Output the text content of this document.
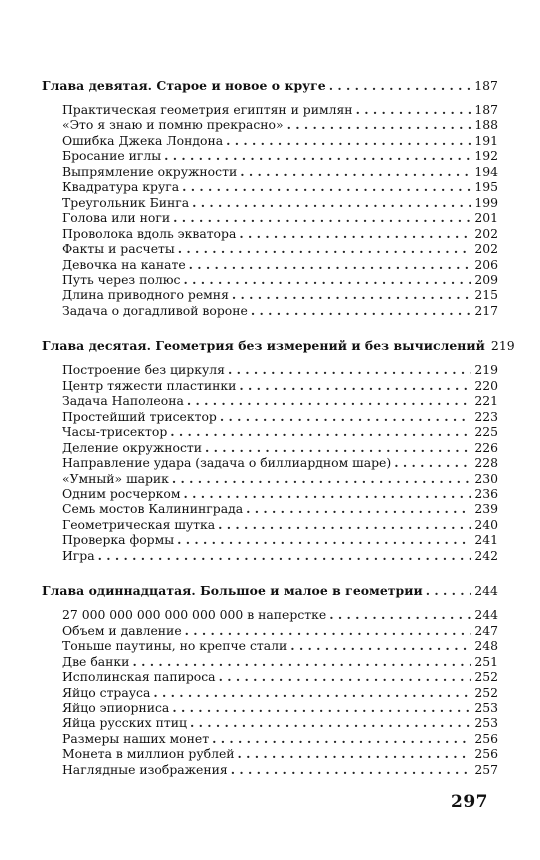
Глава девятая. Старое и новое о круге . . .	187
Практическая геометрия египтян и римлян . . .	187
«Это я знаю и помню прекрасно» . . .	188
Ошибка Джека Лондона . . .	191
Бросание иглы . . .	192
Выпрямление окружности . . .	194
Квадратура круга . . .	195
Треугольник Бинга . . .	199
Голова или ноги . . .	201
Проволока вдоль экватора . . .	202
Факты и расчеты . . .	202
Девочка на канате . . .	206
Путь через полюс . . .	209
Длина приводного ремня . . .	215
Задача о догадливой вороне . . .	217
Глава десятая. Геометрия без измерений и без вычислений 219
Построение без циркуля . . .	219
Центр тяжести пластинки . . .	220
Задача Наполеона . . .	221
Простейший трисектор . . .	223
Часы-трисектор . . .	225
Деление окружности . . .	226
Направление удара (задача о биллиардном шаре) . . .	228
«Умный» шарик . . .	230
Одним росчерком . . .	236
Семь мостов Калининграда . . .	239
Геометрическая шутка . . .	240
Проверка формы . . .	241
Игра . . .	242
Глава одиннадцатая. Большое и малое в геометрии . . .	244
27 000 000 000 000 000 000 в наперстке . . .	244
Объем и давление . . .	247
Тоньше паутины, но крепче стали . . .	248
Две банки . . .	251
Исполинская папироса . . .	252
Яйцо страуса . . .	252
Яйцо эпиорниса . . .	253
Яйца русских птиц . . .	253
Размеры наших монет . . .	256
Монета в миллион рублей . . .	256
Наглядные изображения . . .	257
297
